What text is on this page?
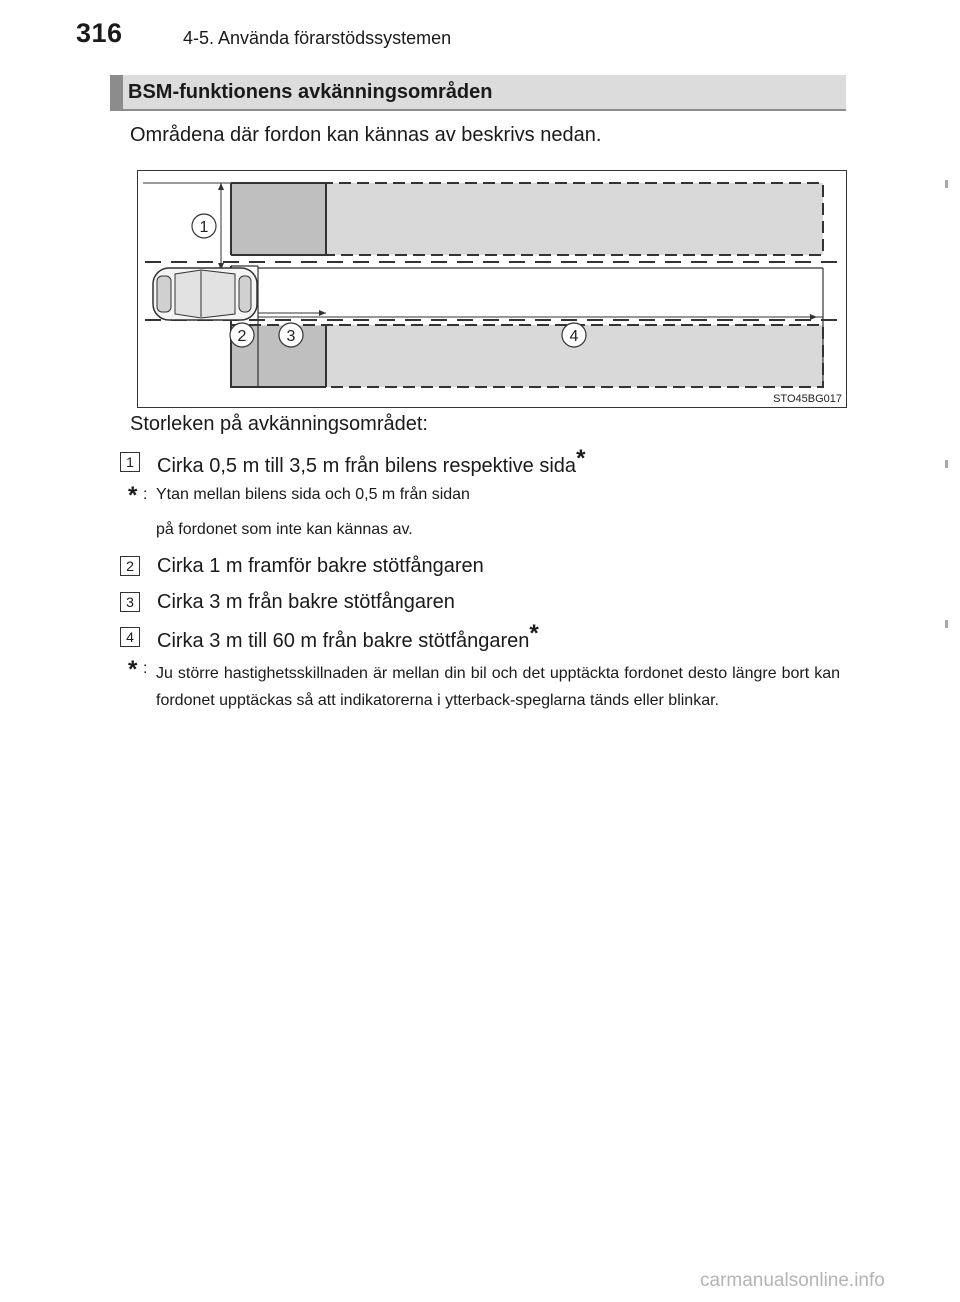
316	4-5. Använda förarstödssystemen
BSM-funktionens avkänningsområden
Områdena där fordon kan kännas av beskrivs nedan.
1
2	3	4
STO45BG017
Storleken på avkänningsområdet:
1	Cirka 0,5 m till 3,5 m från bilens respektive sida*
* : Ytan mellan bilens sida och 0,5 m från sidan
på fordonet som inte kan kännas av.
2	Cirka 1 m framför bakre stötfångaren
3	Cirka 3 m från bakre stötfångaren
4	Cirka 3 m till 60 m från bakre stötfångaren*
* : Ju större hastighetsskillnaden är mellan din bil och det upptäckta fordonet desto längre bort kan fordonet upptäckas så att indikatorerna i ytterback-speglarna tänds eller blinkar.
carmanualsonline.info
